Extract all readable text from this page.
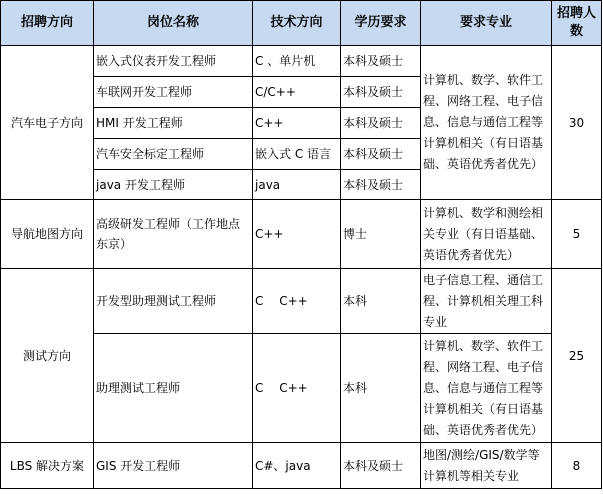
招聘方向	岗位名称	技术方向	学历要求	要求专业	招聘人数
汽车电子方向	嵌入式仪表开发工程师	C 、单片机	本科及硕士	计算机、数学、软件工程、网络工程、电子信息、信息与通信工程等计算机相关（有日语基础、英语优秀者优先）	30
	车联网开发工程师	C/C++	本科及硕士		
	HMI 开发工程师	C++	本科及硕士		
	汽车安全标定工程师	嵌入式 C 语言	本科及硕士		
	java 开发工程师	java	本科及硕士		
导航地图方向	高级研发工程师（工作地点东京）	C++	博士	计算机、数学和测绘相关专业（有日语基础、英语优秀者优先）	5
测试方向	开发型助理测试工程师	C　 C++	本科	电子信息工程、通信工程、计算机相关理工科专业	25
	助理测试工程师	C　 C++	本科	计算机、数学、软件工程、网络工程、电子信息、信息与通信工程等计算机相关（有日语基础、英语优秀者优先）	
LBS 解决方案	GIS 开发工程师	C#、java	本科及硕士	地图/测绘/GIS/数学等计算机等相关专业	8
